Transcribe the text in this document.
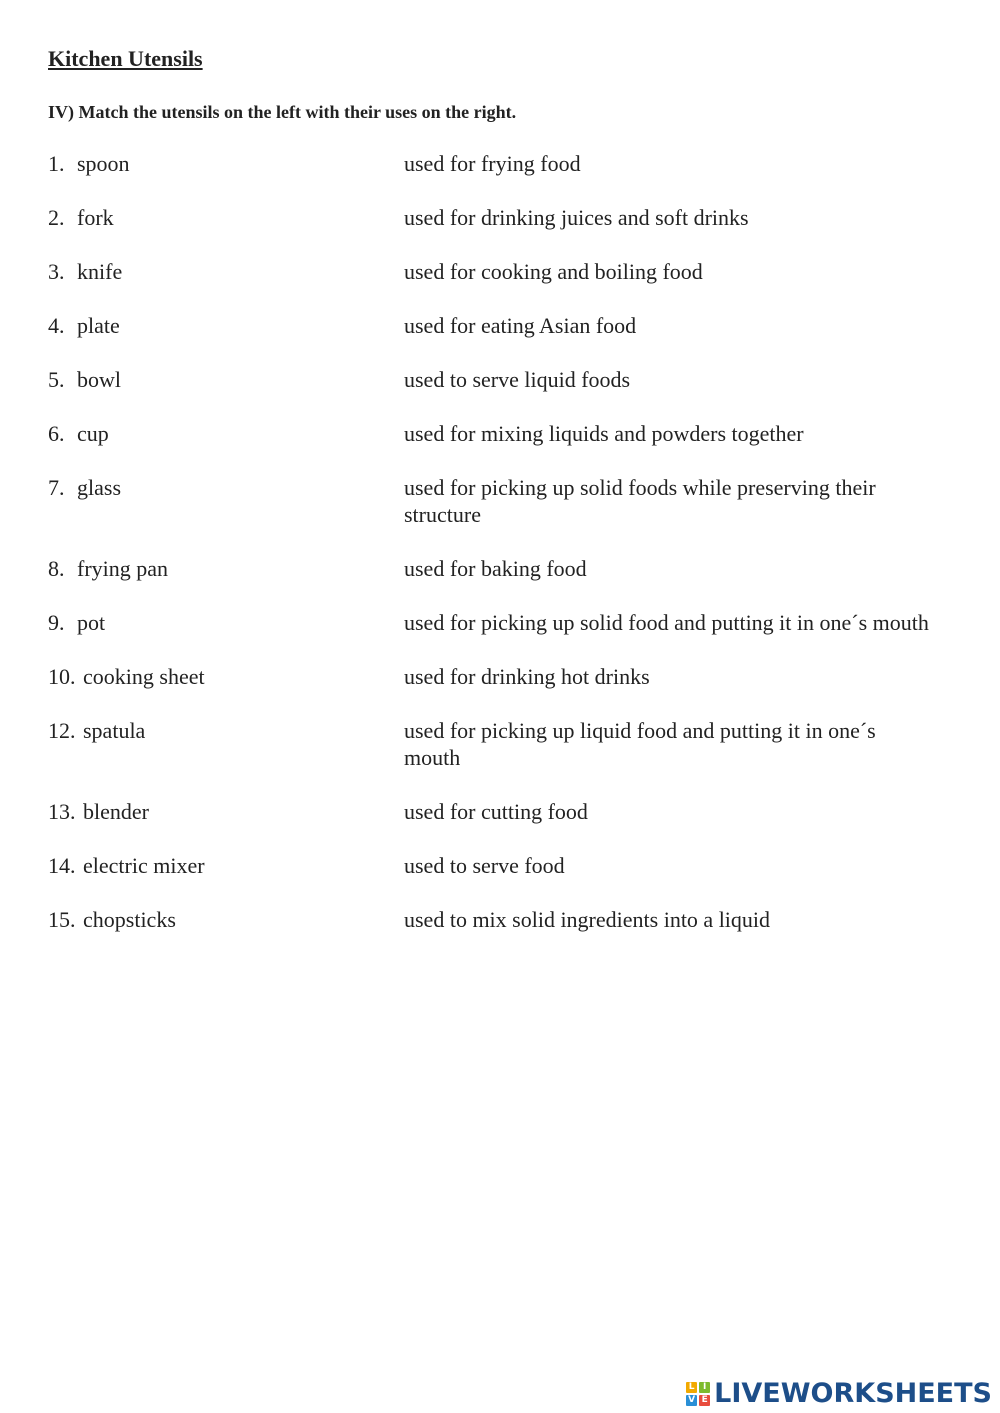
Kitchen Utensils

IV) Match the utensils on the left with their uses on the right.

1. spoon	used for frying food
2. fork	used for drinking juices and soft drinks
3. knife	used for cooking and boiling food
4. plate	used for eating Asian food
5. bowl	used to serve liquid foods
6. cup	used for mixing liquids and powders together
7. glass	used for picking up solid foods while preserving their structure
8. frying pan	used for baking food
9. pot	used for picking up solid food and putting it in one´s mouth
10. cooking sheet	used for drinking hot drinks
12. spatula	used for picking up liquid food and putting it in one´s mouth
13. blender	used for cutting food
14. electric mixer	used to serve food
15. chopsticks	used to mix solid ingredients into a liquid
L I
V E LIVEWORKSHEETS
